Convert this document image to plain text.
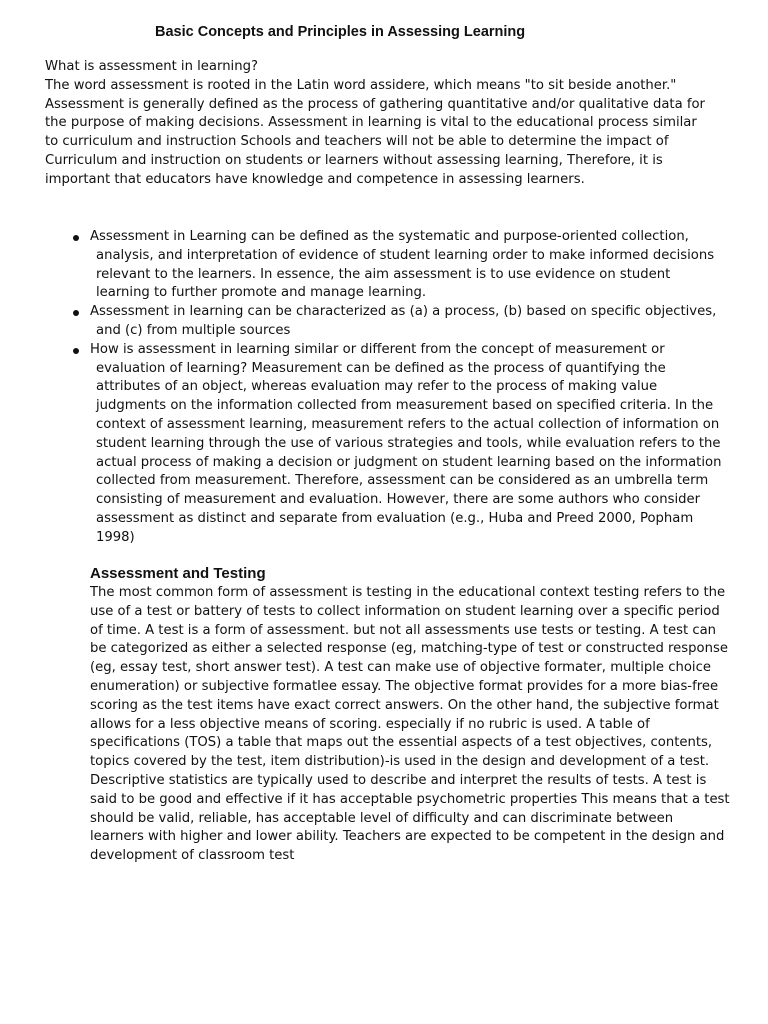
Basic Concepts and Principles in Assessing Learning

What is assessment in learning?

The word assessment is rooted in the Latin word assidere, which means "to sit beside another." Assessment is generally defined as the process of gathering quantitative and/or qualitative data for the purpose of making decisions. Assessment in learning is vital to the educational process similar to curriculum and instruction Schools and teachers will not be able to determine the impact of Curriculum and instruction on students or learners without assessing learning, Therefore, it is important that educators have knowledge and competence in assessing learners.

Assessment in Learning can be defined as the systematic and purpose-oriented collection, analysis, and interpretation of evidence of student learning order to make informed decisions relevant to the learners. In essence, the aim assessment is to use evidence on student learning to further promote and manage learning.
Assessment in learning can be characterized as (a) a process, (b) based on specific objectives, and (c) from multiple sources
How is assessment in learning similar or different from the concept of measurement or evaluation of learning? Measurement can be defined as the process of quantifying the attributes of an object, whereas evaluation may refer to the process of making value judgments on the information collected from measurement based on specified criteria. In the context of assessment learning, measurement refers to the actual collection of information on student learning through the use of various strategies and tools, while evaluation refers to the actual process of making a decision or judgment on student learning based on the information collected from measurement. Therefore, assessment can be considered as an umbrella term consisting of measurement and evaluation. However, there are some authors who consider assessment as distinct and separate from evaluation (e.g., Huba and Preed 2000, Popham 1998)
Assessment and Testing

The most common form of assessment is testing in the educational context testing refers to the use of a test or battery of tests to collect information on student learning over a specific period of time. A test is a form of assessment. but not all assessments use tests or testing. A test can be categorized as either a selected response (eg, matching-type of test or constructed response (eg, essay test, short answer test). A test can make use of objective formater, multiple choice enumeration) or subjective formatlee essay. The objective format provides for a more bias-free scoring as the test items have exact correct answers. On the other hand, the subjective format allows for a less objective means of scoring. especially if no rubric is used. A table of specifications (TOS) a table that maps out the essential aspects of a test objectives, contents, topics covered by the test, item distribution)-is used in the design and development of a test. Descriptive statistics are typically used to describe and interpret the results of tests. A test is said to be good and effective if it has acceptable psychometric properties This means that a test should be valid, reliable, has acceptable level of difficulty and can discriminate between learners with higher and lower ability. Teachers are expected to be competent in the design and development of classroom test
